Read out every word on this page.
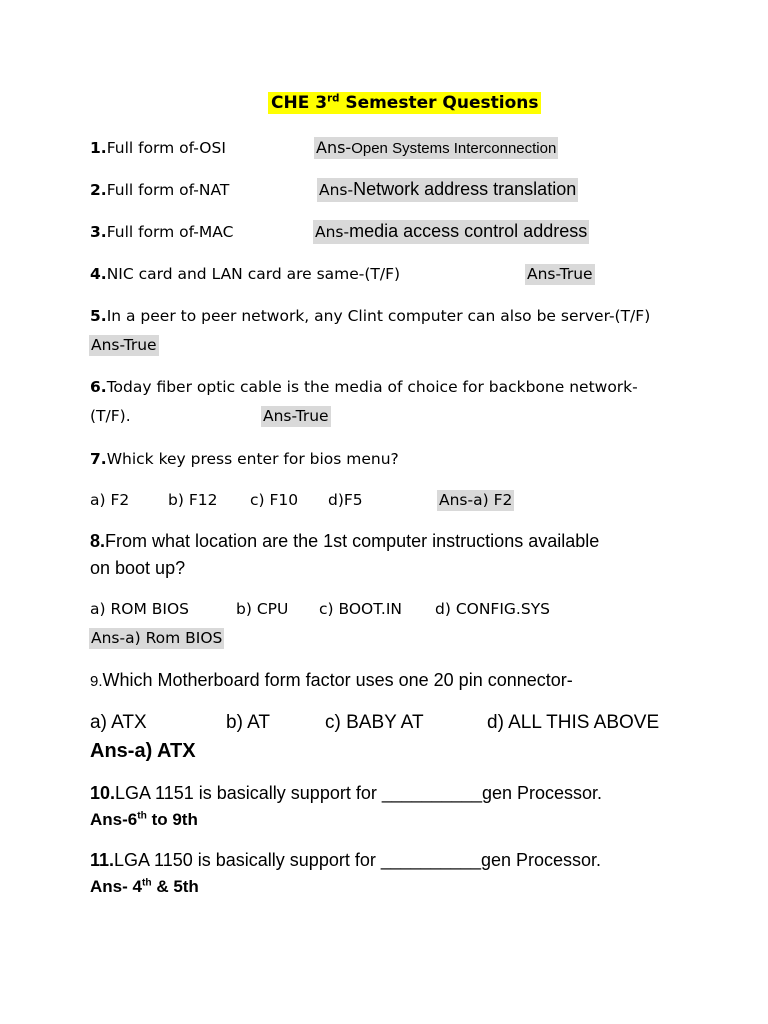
CHE 3rd Semester Questions
1.Full form of-OSI	Ans-Open Systems Interconnection
2.Full form of-NAT	Ans-Network address translation
3.Full form of-MAC	Ans-media access control address
4.NIC card and LAN card are same-(T/F)	Ans-True
5.In a peer to peer network, any Clint computer can also be server-(T/F)
Ans-True
6.Today fiber optic cable is the media of choice for backbone network-
(T/F).	Ans-True
7.Whick key press enter for bios menu?
a) F2	b) F12 c) F10 d)F5	Ans-a) F2
8.From what location are the 1st computer instructions available
on boot up?
a) ROM BIOS	b) CPU c) BOOT.IN d) CONFIG.SYS
Ans-a) Rom BIOS
9.Which Motherboard form factor uses one 20 pin connector-
a) ATX	b) AT	c) BABY AT	d) ALL THIS ABOVE
Ans-a) ATX
10.LGA 1151 is basically support for __________gen Processor.
Ans-6th to 9th
11.LGA 1150 is basically support for __________gen Processor.
Ans- 4th & 5th
